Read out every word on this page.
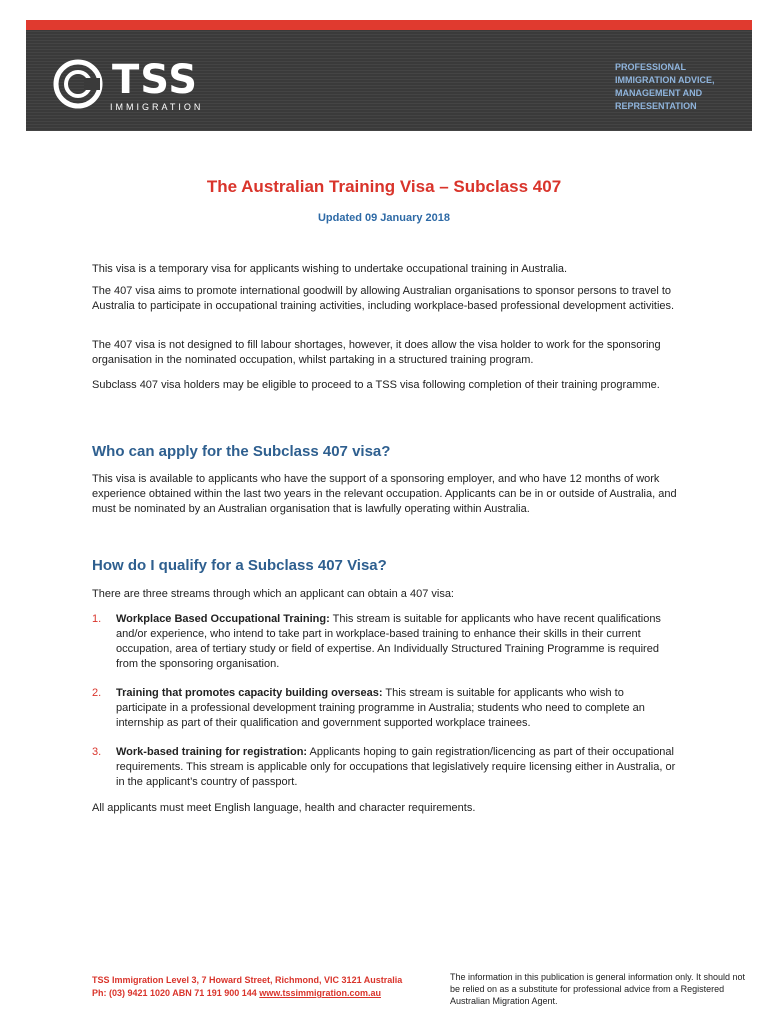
TSS
IMMIGRATION
PROFESSIONAL
IMMIGRATION ADVICE,
MANAGEMENT AND
REPRESENTATION
The Australian Training Visa – Subclass 407
Updated 09 January 2018
This visa is a temporary visa for applicants wishing to undertake occupational training in Australia.
The 407 visa aims to promote international goodwill by allowing Australian organisations to sponsor persons to travel to Australia to participate in occupational training activities, including workplace-based professional development activities.
The 407 visa is not designed to fill labour shortages, however, it does allow the visa holder to work for the sponsoring organisation in the nominated occupation, whilst partaking in a structured training program.
Subclass 407 visa holders may be eligible to proceed to a TSS visa following completion of their training programme.
Who can apply for the Subclass 407 visa?
This visa is available to applicants who have the support of a sponsoring employer, and who have 12 months of work experience obtained within the last two years in the relevant occupation. Applicants can be in or outside of Australia, and must be nominated by an Australian organisation that is lawfully operating within Australia.
How do I qualify for a Subclass 407 Visa?
There are three streams through which an applicant can obtain a 407 visa:
1. Workplace Based Occupational Training: This stream is suitable for applicants who have recent qualifications and/or experience, who intend to take part in workplace-based training to enhance their skills in their current occupation, area of tertiary study or field of expertise. An Individually Structured Training Programme is required from the sponsoring organisation.
2. Training that promotes capacity building overseas: This stream is suitable for applicants who wish to participate in a professional development training programme in Australia; students who need to complete an internship as part of their qualification and government supported workplace trainees.
3. Work-based training for registration: Applicants hoping to gain registration/licencing as part of their occupational requirements. This stream is applicable only for occupations that legislatively require licensing either in Australia, or in the applicant’s country of passport.
All applicants must meet English language, health and character requirements.
TSS Immigration Level 3, 7 Howard Street, Richmond, VIC 3121 Australia
Ph: (03) 9421 1020 ABN 71 191 900 144 www.tssimmigration.com.au
The information in this publication is general information only. It should not be relied on as a substitute for professional advice from a Registered Australian Migration Agent.
